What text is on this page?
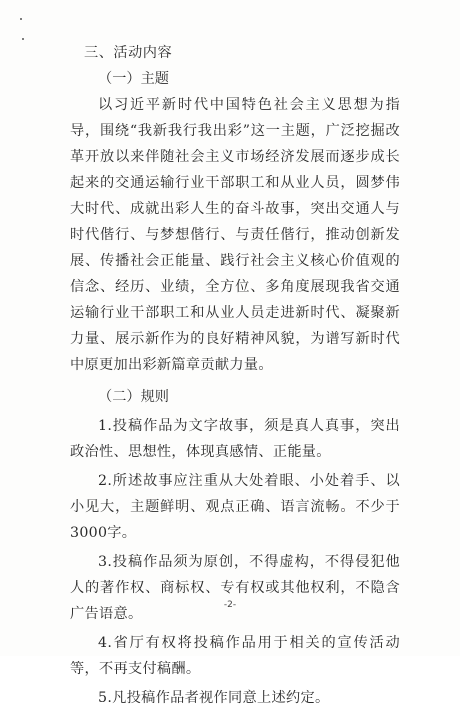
三、活动内容
（一）主题

以习近平新时代中国特色社会主义思想为指导，围绕“我新我行我出彩”这一主题，广泛挖掘改革开放以来伴随社会主义市场经济发展而逐步成长起来的交通运输行业干部职工和从业人员，圆梦伟大时代、成就出彩人生的奋斗故事，突出交通人与时代偕行、与梦想偕行、与责任偕行，推动创新发展、传播社会正能量、践行社会主义核心价值观的信念、经历、业绩，全方位、多角度展现我省交通运输行业干部职工和从业人员走进新时代、凝聚新力量、展示新作为的良好精神风貌，为谱写新时代中原更加出彩新篇章贡献力量。

（二）规则

1.投稿作品为文字故事，须是真人真事，突出政治性、思想性，体现真感情、正能量。

2.所述故事应注重从大处着眼、小处着手、以小见大，主题鲜明、观点正确、语言流畅。不少于3000字。

3.投稿作品须为原创，不得虚构，不得侵犯他人的著作权、商标权、专有权或其他权利，不隐含广告语意。

4.省厅有权将投稿作品用于相关的宣传活动等，不再支付稿酬。

5.凡投稿作品者视作同意上述约定。

-2-
